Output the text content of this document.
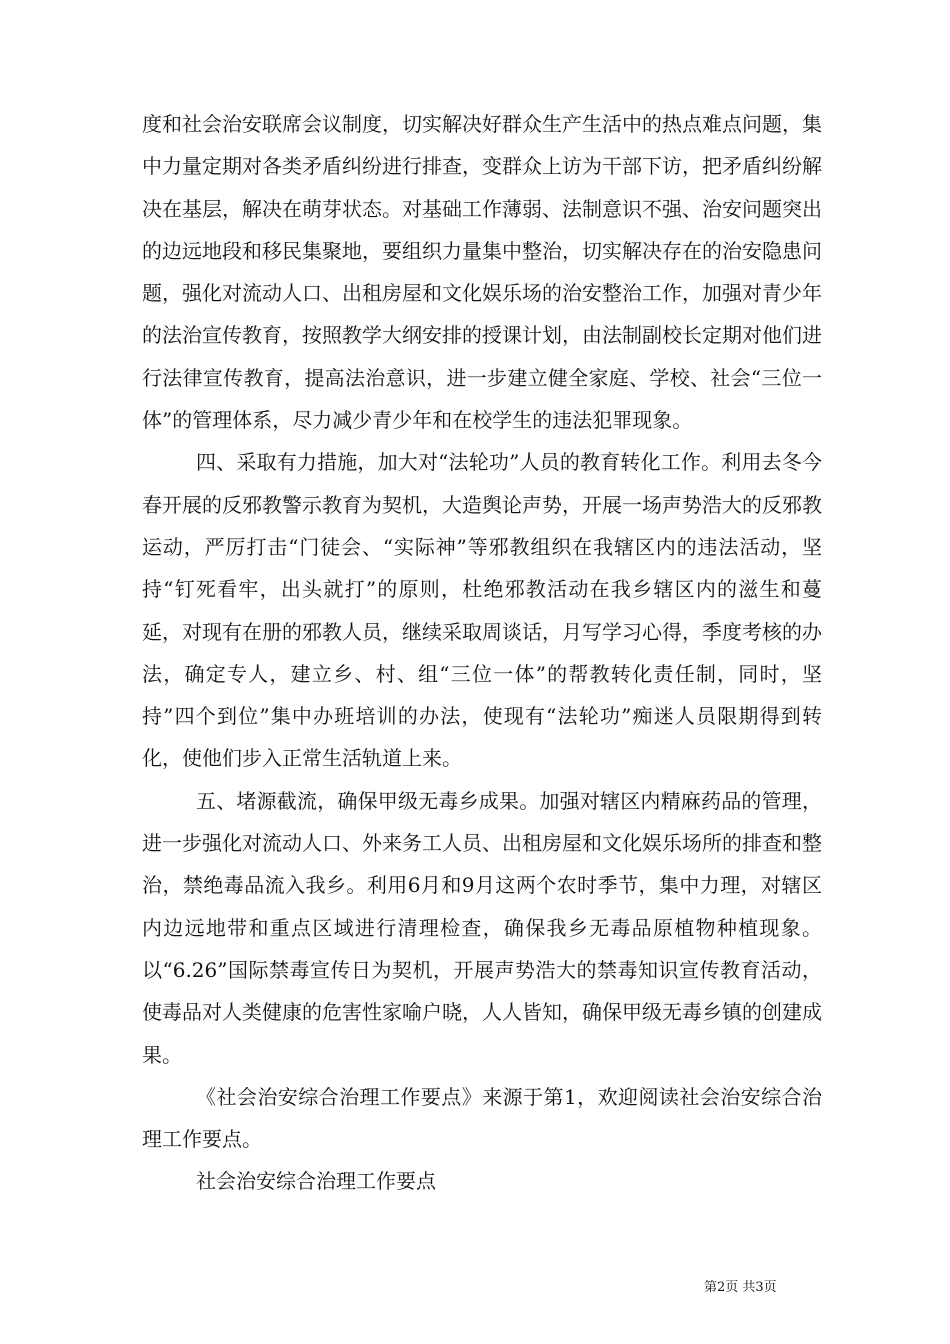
度和社会治安联席会议制度，切实解决好群众生产生活中的热点难点问题，集中力量定期对各类矛盾纠纷进行排查，变群众上访为干部下访，把矛盾纠纷解决在基层，解决在萌芽状态。对基础工作薄弱、法制意识不强、治安问题突出的边远地段和移民集聚地，要组织力量集中整治，切实解决存在的治安隐患问题，强化对流动人口、出租房屋和文化娱乐场的治安整治工作，加强对青少年的法治宣传教育，按照教学大纲安排的授课计划，由法制副校长定期对他们进行法律宣传教育，提高法治意识，进一步建立健全家庭、学校、社会“三位一体”的管理体系，尽力减少青少年和在校学生的违法犯罪现象。

四、采取有力措施，加大对“法轮功”人员的教育转化工作。利用去冬今春开展的反邪教警示教育为契机，大造舆论声势，开展一场声势浩大的反邪教运动，严厉打击“门徒会、“实际神”等邪教组织在我辖区内的违法活动，坚持“钉死看牢，出头就打”的原则，杜绝邪教活动在我乡辖区内的滋生和蔓延，对现有在册的邪教人员，继续采取周谈话，月写学习心得，季度考核的办法，确定专人，建立乡、村、组“三位一体”的帮教转化责任制，同时，坚持”四个到位”集中办班培训的办法，使现有“法轮功”痴迷人员限期得到转化，使他们步入正常生活轨道上来。

五、堵源截流，确保甲级无毒乡成果。加强对辖区内精麻药品的管理，进一步强化对流动人口、外来务工人员、出租房屋和文化娱乐场所的排查和整治，禁绝毒品流入我乡。利用6月和9月这两个农时季节，集中力理，对辖区内边远地带和重点区域进行清理检查，确保我乡无毒品原植物种植现象。以“6.26”国际禁毒宣传日为契机，开展声势浩大的禁毒知识宣传教育活动，使毒品对人类健康的危害性家喻户晓，人人皆知，确保甲级无毒乡镇的创建成果。

《社会治安综合治理工作要点》来源于第1，欢迎阅读社会治安综合治理工作要点。

社会治安综合治理工作要点

第2页 共3页
